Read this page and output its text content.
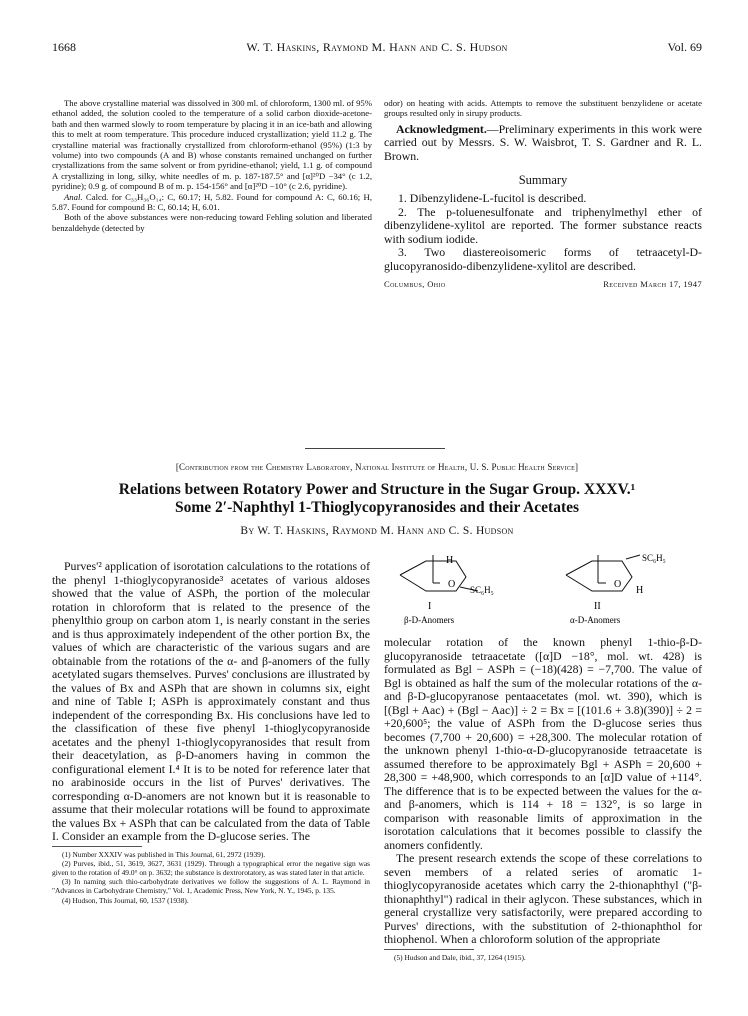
1668	W. T. Haskins, Raymond M. Hann and C. S. Hudson	Vol. 69

The above crystalline material was dissolved in 300 ml. of chloroform, 1300 ml. of 95% ethanol added, the solution cooled to the temperature of a solid carbon dioxide-acetone-bath and then warmed slowly to room temperature by placing it in an ice-bath and allowing this to melt at room temperature. This procedure induced crystallization; yield 11.2 g. The crystalline material was fractionally crystallized from chloroform-ethanol (95%) (1:3 by volume) into two compounds (A and B) whose constants remained unchanged on further crystallizations from the same solvent or from pyridine-ethanol; yield, 1.1 g. of compound A crystallizing in long, silky, white needles of m. p. 187-187.5° and [α]²⁰D −34° (c 1.2, pyridine); 0.9 g. of compound B of m. p. 154-156° and [α]²⁰D −10° (c 2.6, pyridine).

Anal. Calcd. for C₃₃H₃₆O₁₄: C, 60.17; H, 5.82. Found for compound A: C, 60.16; H, 5.87. Found for compound B: C, 60.14; H, 6.01.

Both of the above substances were non-reducing toward Fehling solution and liberated benzaldehyde (detected by

odor) on heating with acids. Attempts to remove the substituent benzylidene or acetate groups resulted only in sirupy products.

Acknowledgment.—Preliminary experiments in this work were carried out by Messrs. S. W. Waisbrot, T. S. Gardner and R. L. Brown.

Summary

1. Dibenzylidene-L-fucitol is described.

2. The p-toluenesulfonate and triphenylmethyl ether of dibenzylidene-xylitol are reported. The former substance reacts with sodium iodide.

3. Two diastereoisomeric forms of tetraacetyl-D-glucopyranosido-dibenzylidene-xylitol are described.

Columbus, Ohio	Received March 17, 1947
[Contribution from the Chemistry Laboratory, National Institute of Health, U. S. Public Health Service]
Relations between Rotatory Power and Structure in the Sugar Group. XXXV.¹
Some 2′-Naphthyl 1-Thioglycopyranosides and their Acetates
By W. T. Haskins, Raymond M. Hann and C. S. Hudson

Purves'² application of isorotation calculations to the rotations of the phenyl 1-thioglycopyranoside³ acetates of various aldoses showed that the value of ASPh, the portion of the molecular rotation in chloroform that is related to the presence of the phenylthio group on carbon atom 1, is nearly constant in the series and is thus approximately independent of the other portion Bx, the values of which are characteristic of the various sugars and are obtainable from the rotations of the α- and β-anomers of the fully acetylated sugars themselves. Purves' conclusions are illustrated by the values of Bx and ASPh that are shown in columns six, eight and nine of Table I; ASPh is approximately constant and thus independent of the corresponding Bx. His conclusions have led to the classification of these five phenyl 1-thioglycopyranoside acetates and the phenyl 1-thioglycopyranosides that result from their deacetylation, as β-D-anomers having in common the configurational element I.⁴ It is to be noted for reference later that no arabinoside occurs in the list of Purves' derivatives. The corresponding α-D-anomers are not known but it is reasonable to assume that their molecular rotations will be found to approximate the values Bx + ASPh that can be calculated from the data of Table I. Consider an example from the D-glucose series. The

(1) Number XXXIV was published in This Journal, 61, 2972 (1939).

(2) Purves, ibid., 51, 3619, 3627, 3631 (1929). Through a typographical error the negative sign was given to the rotation of 49.0° on p. 3632; the substance is dextrorotatory, as was stated later in that article.

(3) In naming such thio-carbohydrate derivatives we follow the suggestions of A. L. Raymond in "Advances in Carbohydrate Chemistry," Vol. 1, Academic Press, New York, N. Y., 1945, p. 135.

(4) Hudson, This Journal, 60, 1537 (1938).

H
O SC₆H₅
I
β-D-Anomers
SC₆H₅
O
H
II
α-D-Anomers

molecular rotation of the known phenyl 1-thio-β-D-glucopyranoside tetraacetate ([α]D −18°, mol. wt. 428) is formulated as Bgl − ASPh = (−18)(428) = −7,700. The value of Bgl is obtained as half the sum of the molecular rotations of the α- and β-D-glucopyranose pentaacetates (mol. wt. 390), which is [(Bgl + Aac) + (Bgl − Aac)] ÷ 2 = Bx = [(101.6 + 3.8)(390)] ÷ 2 = +20,600⁵; the value of ASPh from the D-glucose series thus becomes (7,700 + 20,600) = +28,300. The molecular rotation of the unknown phenyl 1-thio-α-D-glucopyranoside tetraacetate is assumed therefore to be approximately Bgl + ASPh = 20,600 + 28,300 = +48,900, which corresponds to an [α]D value of +114°. The difference that is to be expected between the values for the α- and β-anomers, which is 114 + 18 = 132°, is so large in comparison with reasonable limits of approximation in the isorotation calculations that it becomes possible to classify the anomers confidently.

The present research extends the scope of these correlations to seven members of a related series of aromatic 1-thioglycopyranoside acetates which carry the 2-thionaphthyl ("β-thionaphthyl") radical in their aglycon. These substances, which in general crystallize very satisfactorily, were prepared according to Purves' directions, with the substitution of 2-thionaphthol for thiophenol. When a chloroform solution of the appropriate

(5) Hudson and Dale, ibid., 37, 1264 (1915).
